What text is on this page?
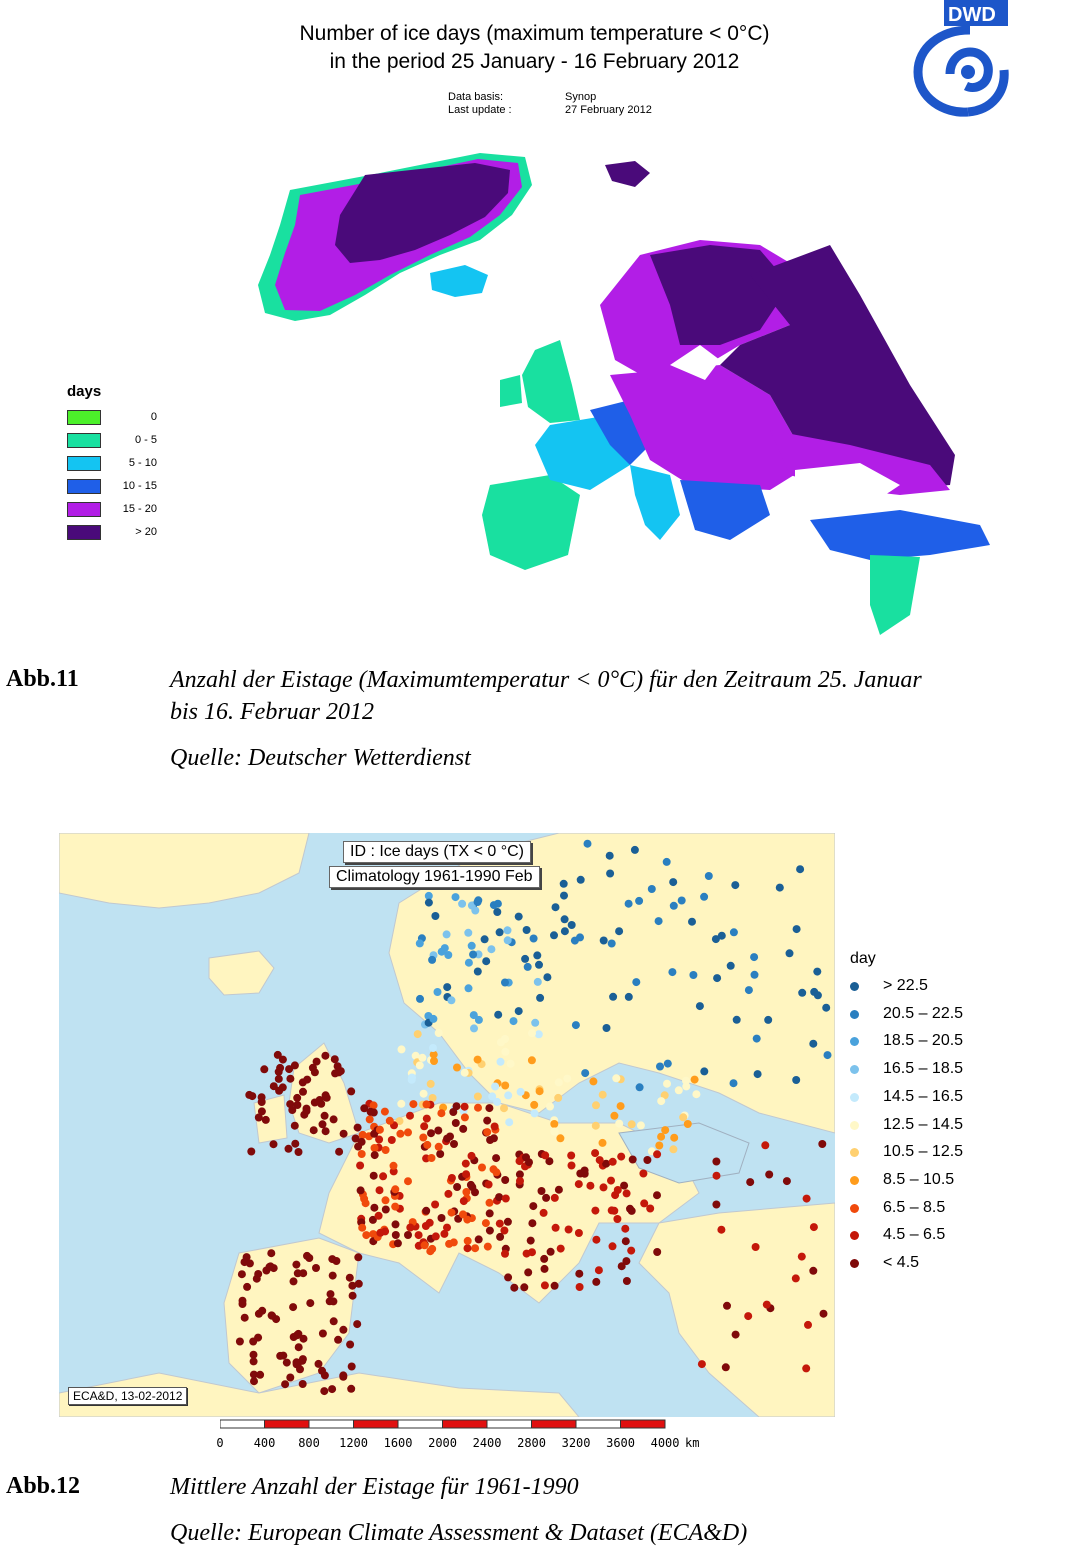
Number of ice days (maximum temperature < 0°C)
in the period 25 January - 16 February 2012
Data basis:	Synop
Last update :	27 February 2012
DWD
days
0
0 - 5
5 - 10
10 - 15
15 - 20
> 20
Abb.11	Anzahl der Eistage (Maximumtemperatur < 0°C) für den Zeitraum 25. Januar
bis 16. Februar 2012
Quelle: Deutscher Wetterdienst
ID : Ice days (TX < 0 °C)
Climatology 1961-1990 Feb
ECA&D, 13-02-2012
day
> 22.5
20.5 – 22.5
18.5 – 20.5
16.5 – 18.5
14.5 – 16.5
12.5 – 14.5
10.5 – 12.5
8.5 – 10.5
6.5 – 8.5
4.5 – 6.5
< 4.5
0	400 800 1200 1600 2000 2400 2800 3200 3600 4000 km
Abb.12	Mittlere Anzahl der Eistage für 1961-1990
Quelle: European Climate Assessment & Dataset (ECA&D)
